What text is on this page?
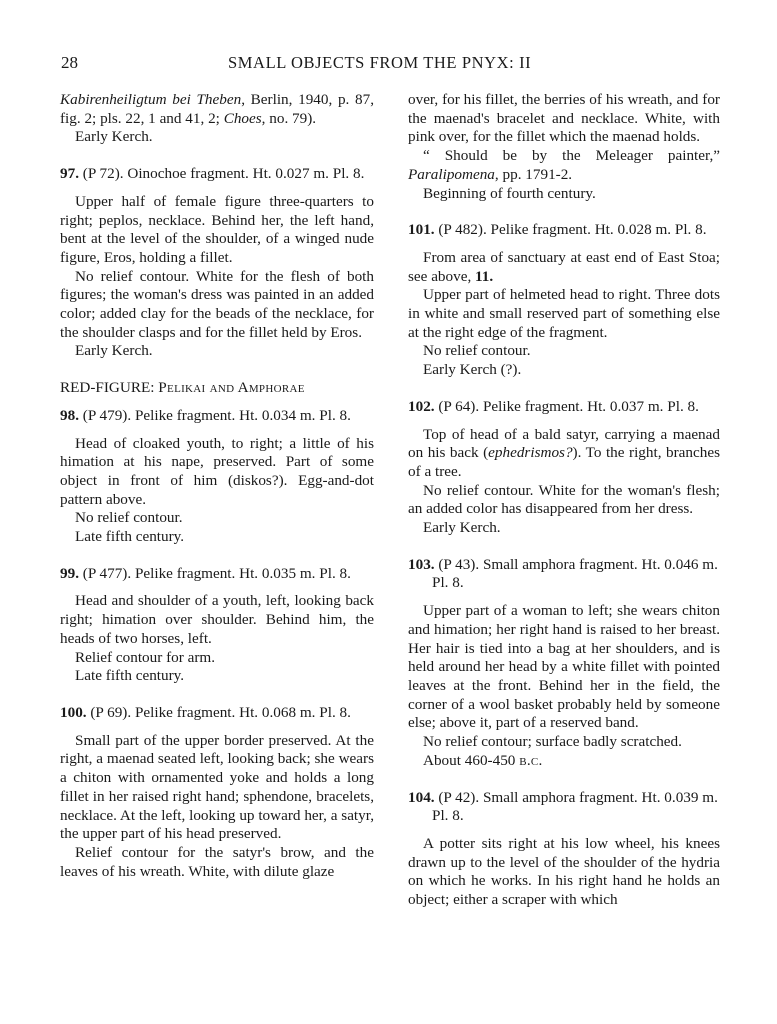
28	SMALL OBJECTS FROM THE PNYX: II

Kabirenheiligtum bei Theben, Berlin, 1940, p. 87, fig. 2; pls. 22, 1 and 41, 2; Choes, no. 79).

Early Kerch.

97. (P 72). Oinochoe fragment. Ht. 0.027 m. Pl. 8.

Upper half of female figure three-quarters to right; peplos, necklace. Behind her, the left hand, bent at the level of the shoulder, of a winged nude figure, Eros, holding a fillet.

No relief contour. White for the flesh of both figures; the woman's dress was painted in an added color; added clay for the beads of the necklace, for the shoulder clasps and for the fillet held by Eros.

Early Kerch.

RED-FIGURE: Pelikai and Amphorae

98. (P 479). Pelike fragment. Ht. 0.034 m. Pl. 8.

Head of cloaked youth, to right; a little of his himation at his nape, preserved. Part of some object in front of him (diskos?). Egg-and-dot pattern above.

No relief contour.

Late fifth century.

99. (P 477). Pelike fragment. Ht. 0.035 m. Pl. 8.

Head and shoulder of a youth, left, looking back right; himation over shoulder. Behind him, the heads of two horses, left.

Relief contour for arm.

Late fifth century.

100. (P 69). Pelike fragment. Ht. 0.068 m. Pl. 8.

Small part of the upper border preserved. At the right, a maenad seated left, looking back; she wears a chiton with ornamented yoke and holds a long fillet in her raised right hand; sphendone, bracelets, necklace. At the left, looking up toward her, a satyr, the upper part of his head preserved.

Relief contour for the satyr's brow, and the leaves of his wreath. White, with dilute glaze

over, for his fillet, the berries of his wreath, and for the maenad's bracelet and necklace. White, with pink over, for the fillet which the maenad holds.

“ Should be by the Meleager painter,” Paralipomena, pp. 1791-2.

Beginning of fourth century.

101. (P 482). Pelike fragment. Ht. 0.028 m. Pl. 8.

From area of sanctuary at east end of East Stoa; see above, 11.

Upper part of helmeted head to right. Three dots in white and small reserved part of something else at the right edge of the fragment.

No relief contour.

Early Kerch (?).

102. (P 64). Pelike fragment. Ht. 0.037 m. Pl. 8.

Top of head of a bald satyr, carrying a maenad on his back (ephedrismos?). To the right, branches of a tree.

No relief contour. White for the woman's flesh; an added color has disappeared from her dress.

Early Kerch.

103. (P 43). Small amphora fragment. Ht. 0.046 m. Pl. 8.

Upper part of a woman to left; she wears chiton and himation; her right hand is raised to her breast. Her hair is tied into a bag at her shoulders, and is held around her head by a white fillet with pointed leaves at the front. Behind her in the field, the corner of a wool basket probably held by someone else; above it, part of a reserved band.

No relief contour; surface badly scratched.

About 460-450 b.c.

104. (P 42). Small amphora fragment. Ht. 0.039 m. Pl. 8.

A potter sits right at his low wheel, his knees drawn up to the level of the shoulder of the hydria on which he works. In his right hand he holds an object; either a scraper with which
